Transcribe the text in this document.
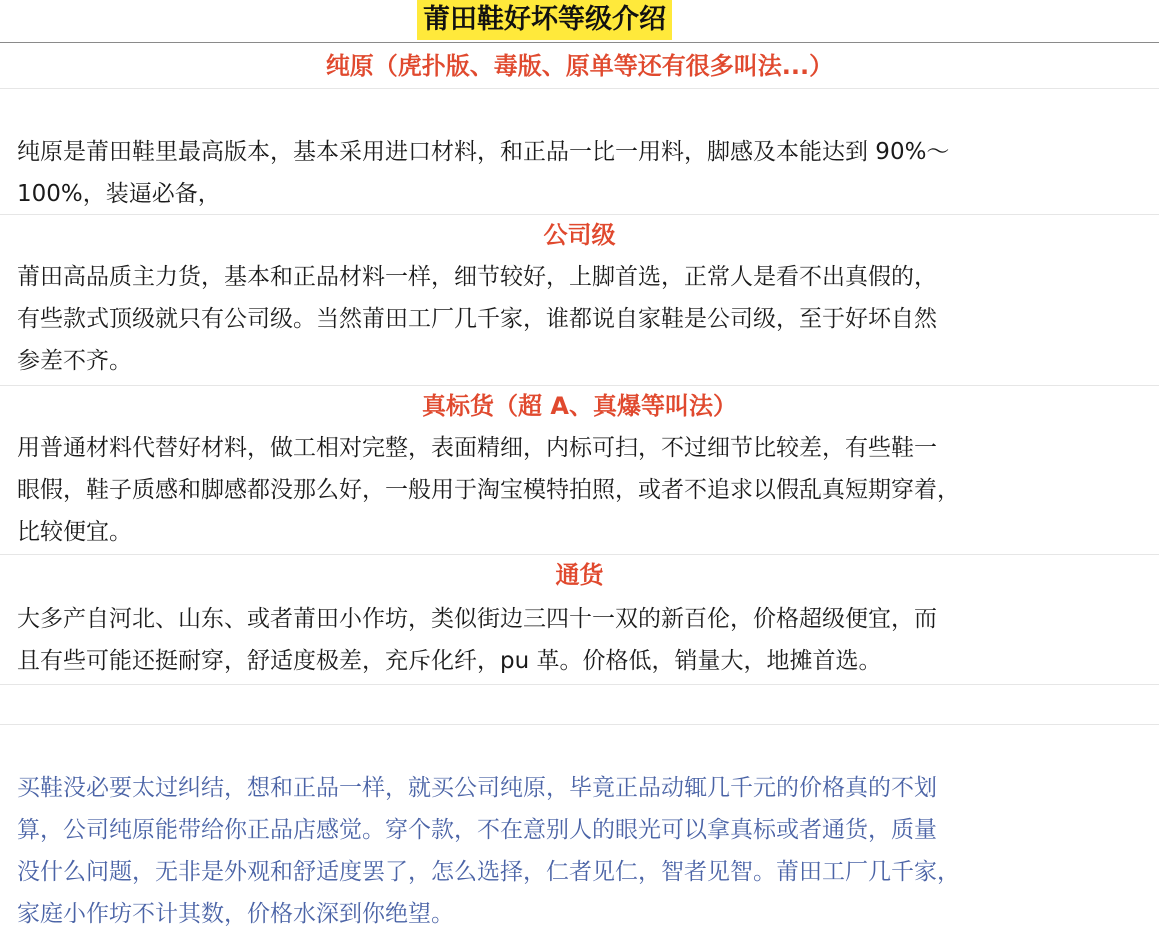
莆田鞋好坏等级介绍
纯原（虎扑版、毒版、原单等还有很多叫法...）
纯原是莆田鞋里最高版本，基本采用进口材料，和正品一比一用料，脚感及本能达到 90%～
100%，装逼必备，
公司级
莆田高品质主力货，基本和正品材料一样，细节较好，上脚首选，正常人是看不出真假的，
有些款式顶级就只有公司级。当然莆田工厂几千家，谁都说自家鞋是公司级，至于好坏自然
参差不齐。
真标货（超 A、真爆等叫法）
用普通材料代替好材料，做工相对完整，表面精细，内标可扫，不过细节比较差，有些鞋一
眼假，鞋子质感和脚感都没那么好，一般用于淘宝模特拍照，或者不追求以假乱真短期穿着，
比较便宜。
通货
大多产自河北、山东、或者莆田小作坊，类似街边三四十一双的新百伦，价格超级便宜，而
且有些可能还挺耐穿，舒适度极差，充斥化纤，pu 革。价格低，销量大，地摊首选。
买鞋没必要太过纠结，想和正品一样，就买公司纯原，毕竟正品动辄几千元的价格真的不划
算，公司纯原能带给你正品店感觉。穿个款，不在意别人的眼光可以拿真标或者通货，质量
没什么问题，无非是外观和舒适度罢了，怎么选择，仁者见仁，智者见智。莆田工厂几千家，
家庭小作坊不计其数，价格水深到你绝望。
